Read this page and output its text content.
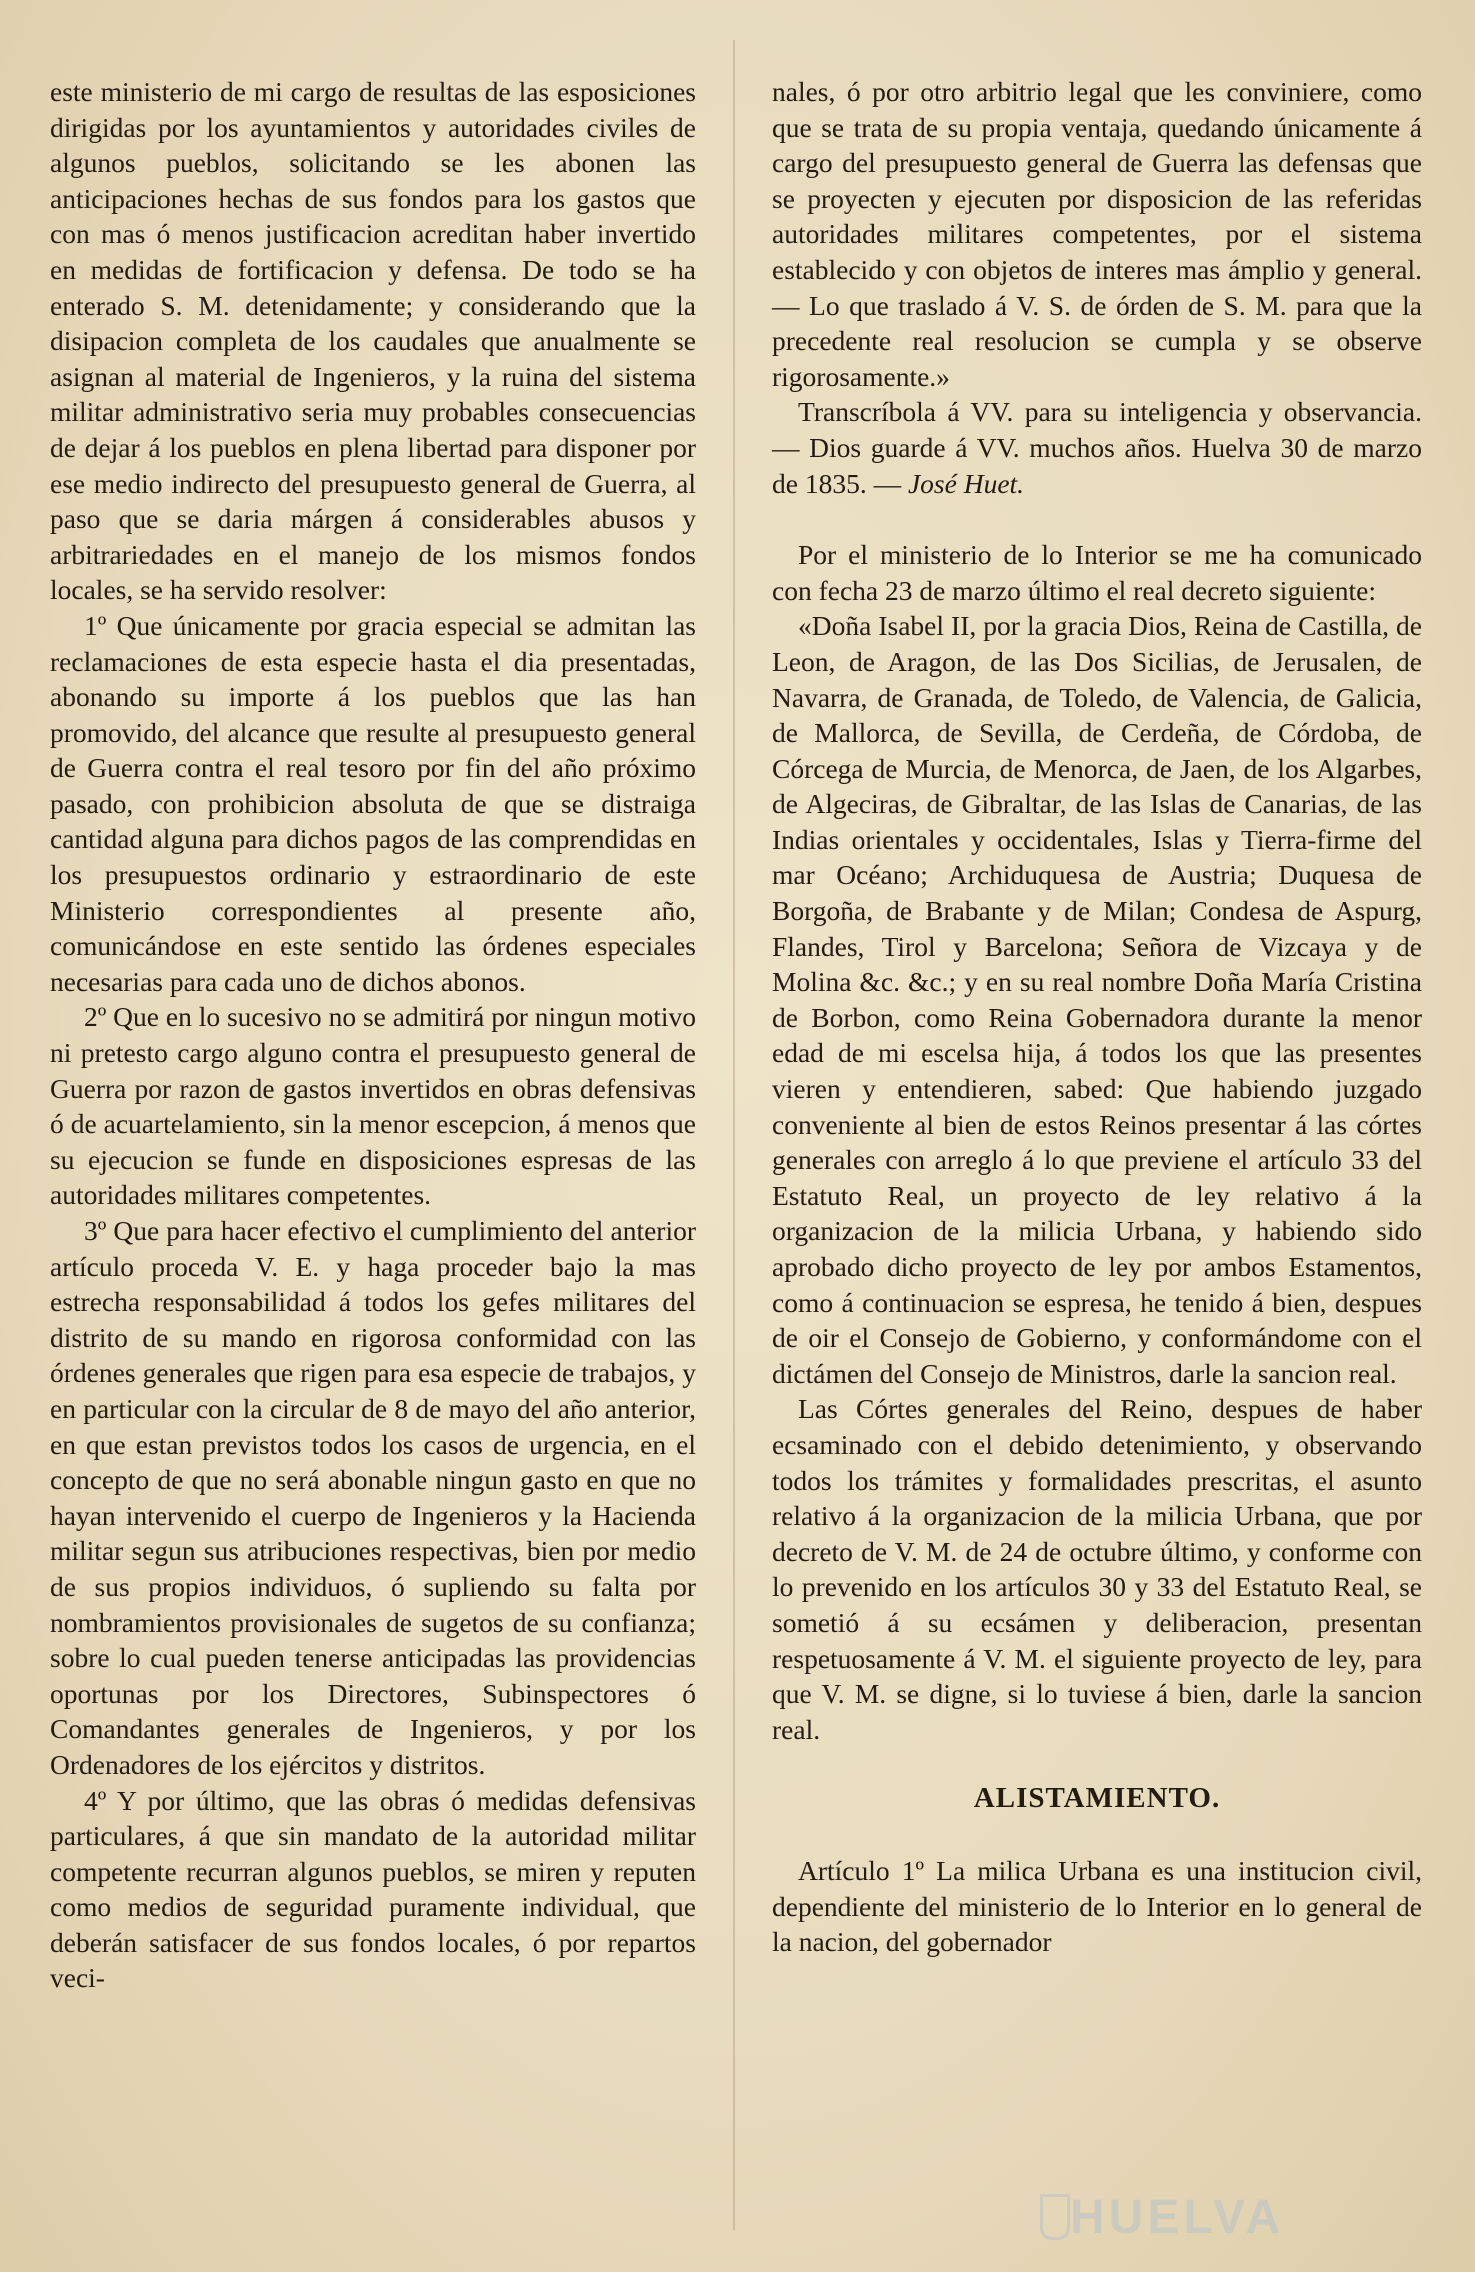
este ministerio de mi cargo de resultas de las esposiciones dirigidas por los ayuntamientos y autoridades civiles de algunos pueblos, solicitando se les abonen las anticipaciones hechas de sus fondos para los gastos que con mas ó menos justificacion acreditan haber invertido en medidas de fortificacion y defensa. De todo se ha enterado S. M. detenidamente; y considerando que la disipacion completa de los caudales que anualmente se asignan al material de Ingenieros, y la ruina del sistema militar administrativo seria muy probables consecuencias de dejar á los pueblos en plena libertad para disponer por ese medio indirecto del presupuesto general de Guerra, al paso que se daria márgen á considerables abusos y arbitrariedades en el manejo de los mismos fondos locales, se ha servido resolver:

1º Que únicamente por gracia especial se admitan las reclamaciones de esta especie hasta el dia presentadas, abonando su importe á los pueblos que las han promovido, del alcance que resulte al presupuesto general de Guerra contra el real tesoro por fin del año próximo pasado, con prohibicion absoluta de que se distraiga cantidad alguna para dichos pagos de las comprendidas en los presupuestos ordinario y estraordinario de este Ministerio correspondientes al presente año, comunicándose en este sentido las órdenes especiales necesarias para cada uno de dichos abonos.

2º Que en lo sucesivo no se admitirá por ningun motivo ni pretesto cargo alguno contra el presupuesto general de Guerra por razon de gastos invertidos en obras defensivas ó de acuartelamiento, sin la menor escepcion, á menos que su ejecucion se funde en disposiciones espresas de las autoridades militares competentes.

3º Que para hacer efectivo el cumplimiento del anterior artículo proceda V. E. y haga proceder bajo la mas estrecha responsabilidad á todos los gefes militares del distrito de su mando en rigorosa conformidad con las órdenes generales que rigen para esa especie de trabajos, y en particular con la circular de 8 de mayo del año anterior, en que estan previstos todos los casos de urgencia, en el concepto de que no será abonable ningun gasto en que no hayan intervenido el cuerpo de Ingenieros y la Hacienda militar segun sus atribuciones respectivas, bien por medio de sus propios individuos, ó supliendo su falta por nombramientos provisionales de sugetos de su confianza; sobre lo cual pueden tenerse anticipadas las providencias oportunas por los Directores, Subinspectores ó Comandantes generales de Ingenieros, y por los Ordenadores de los ejércitos y distritos.

4º Y por último, que las obras ó medidas defensivas particulares, á que sin mandato de la autoridad militar competente recurran algunos pueblos, se miren y reputen como medios de seguridad puramente individual, que deberán satisfacer de sus fondos locales, ó por repartos veci-

nales, ó por otro arbitrio legal que les conviniere, como que se trata de su propia ventaja, quedando únicamente á cargo del presupuesto general de Guerra las defensas que se proyecten y ejecuten por disposicion de las referidas autoridades militares competentes, por el sistema establecido y con objetos de interes mas ámplio y general. — Lo que traslado á V. S. de órden de S. M. para que la precedente real resolucion se cumpla y se observe rigorosamente.»

Transcríbola á VV. para su inteligencia y observancia. — Dios guarde á VV. muchos años. Huelva 30 de marzo de 1835. — José Huet.

Por el ministerio de lo Interior se me ha comunicado con fecha 23 de marzo último el real decreto siguiente:

«Doña Isabel II, por la gracia Dios, Reina de Castilla, de Leon, de Aragon, de las Dos Sicilias, de Jerusalen, de Navarra, de Granada, de Toledo, de Valencia, de Galicia, de Mallorca, de Sevilla, de Cerdeña, de Córdoba, de Córcega de Murcia, de Menorca, de Jaen, de los Algarbes, de Algeciras, de Gibraltar, de las Islas de Canarias, de las Indias orientales y occidentales, Islas y Tierra-firme del mar Océano; Archiduquesa de Austria; Duquesa de Borgoña, de Brabante y de Milan; Condesa de Aspurg, Flandes, Tirol y Barcelona; Señora de Vizcaya y de Molina &c. &c.; y en su real nombre Doña María Cristina de Borbon, como Reina Gobernadora durante la menor edad de mi escelsa hija, á todos los que las presentes vieren y entendieren, sabed: Que habiendo juzgado conveniente al bien de estos Reinos presentar á las córtes generales con arreglo á lo que previene el artículo 33 del Estatuto Real, un proyecto de ley relativo á la organizacion de la milicia Urbana, y habiendo sido aprobado dicho proyecto de ley por ambos Estamentos, como á continuacion se espresa, he tenido á bien, despues de oir el Consejo de Gobierno, y conformándome con el dictámen del Consejo de Ministros, darle la sancion real.

Las Córtes generales del Reino, despues de haber ecsaminado con el debido detenimiento, y observando todos los trámites y formalidades prescritas, el asunto relativo á la organizacion de la milicia Urbana, que por decreto de V. M. de 24 de octubre último, y conforme con lo prevenido en los artículos 30 y 33 del Estatuto Real, se sometió á su ecsámen y deliberacion, presentan respetuosamente á V. M. el siguiente proyecto de ley, para que V. M. se digne, si lo tuviese á bien, darle la sancion real.

ALISTAMIENTO.

Artículo 1º La milica Urbana es una institucion civil, dependiente del ministerio de lo Interior en lo general de la nacion, del gobernador

HUELVA
